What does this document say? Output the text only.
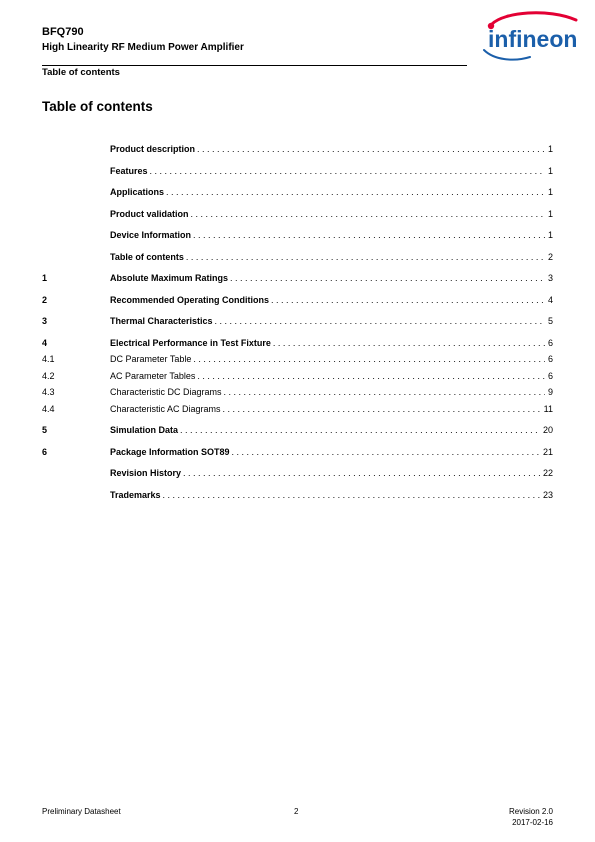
BFQ790
High Linearity RF Medium Power Amplifier
Table of contents
infineon
Table of contents
Product description . . .	1
Features . . .	1
Applications . . .	1
Product validation . . .	1
Device Information . . .	1
Table of contents . . .	2
1	Absolute Maximum Ratings . . .	3
2	Recommended Operating Conditions . . .	4
3	Thermal Characteristics . . .	5
4	Electrical Performance in Test Fixture . . .	6
4.1	DC Parameter Table . . .	6
4.2	AC Parameter Tables . . .	6
4.3	Characteristic DC Diagrams . . .	9
4.4	Characteristic AC Diagrams . . .	11
5	Simulation Data . . .	20
6	Package Information SOT89 . . .	21
Revision History . . .	22
Trademarks . . .	23
Preliminary Datasheet	2	Revision 2.0
2017-02-16
